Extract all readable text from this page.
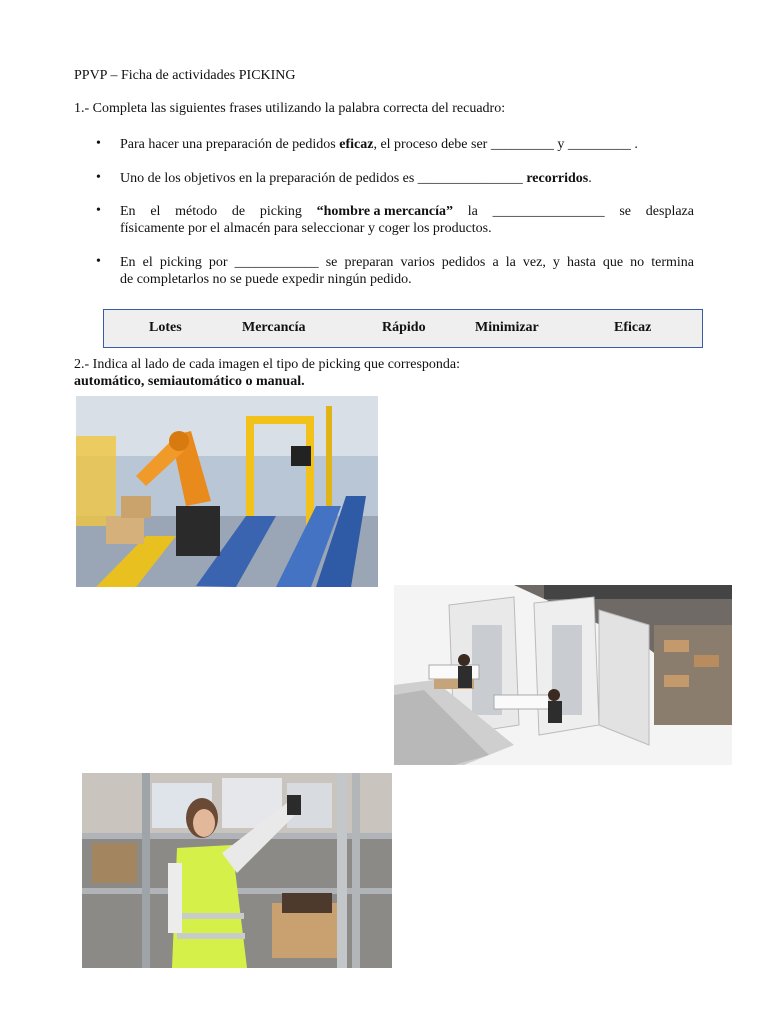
PPVP – Ficha de actividades PICKING
1.- Completa las siguientes frases utilizando la palabra correcta del recuadro:
• Para hacer una preparación de pedidos eficaz, el proceso debe ser _________ y _________ .
• Uno de los objetivos en la preparación de pedidos es _______________ recorridos.
• En el método de picking “hombre a mercancía” la ________________ se desplaza
físicamente por el almacén para seleccionar y coger los productos.
• En el picking por ____________ se preparan varios pedidos a la vez, y hasta que no termina
de completarlos no se puede expedir ningún pedido.
Lotes	Mercancía	Rápido	Minimizar	Eficaz
2.- Indica al lado de cada imagen el tipo de picking que corresponda:
automático, semiautomático o manual.
